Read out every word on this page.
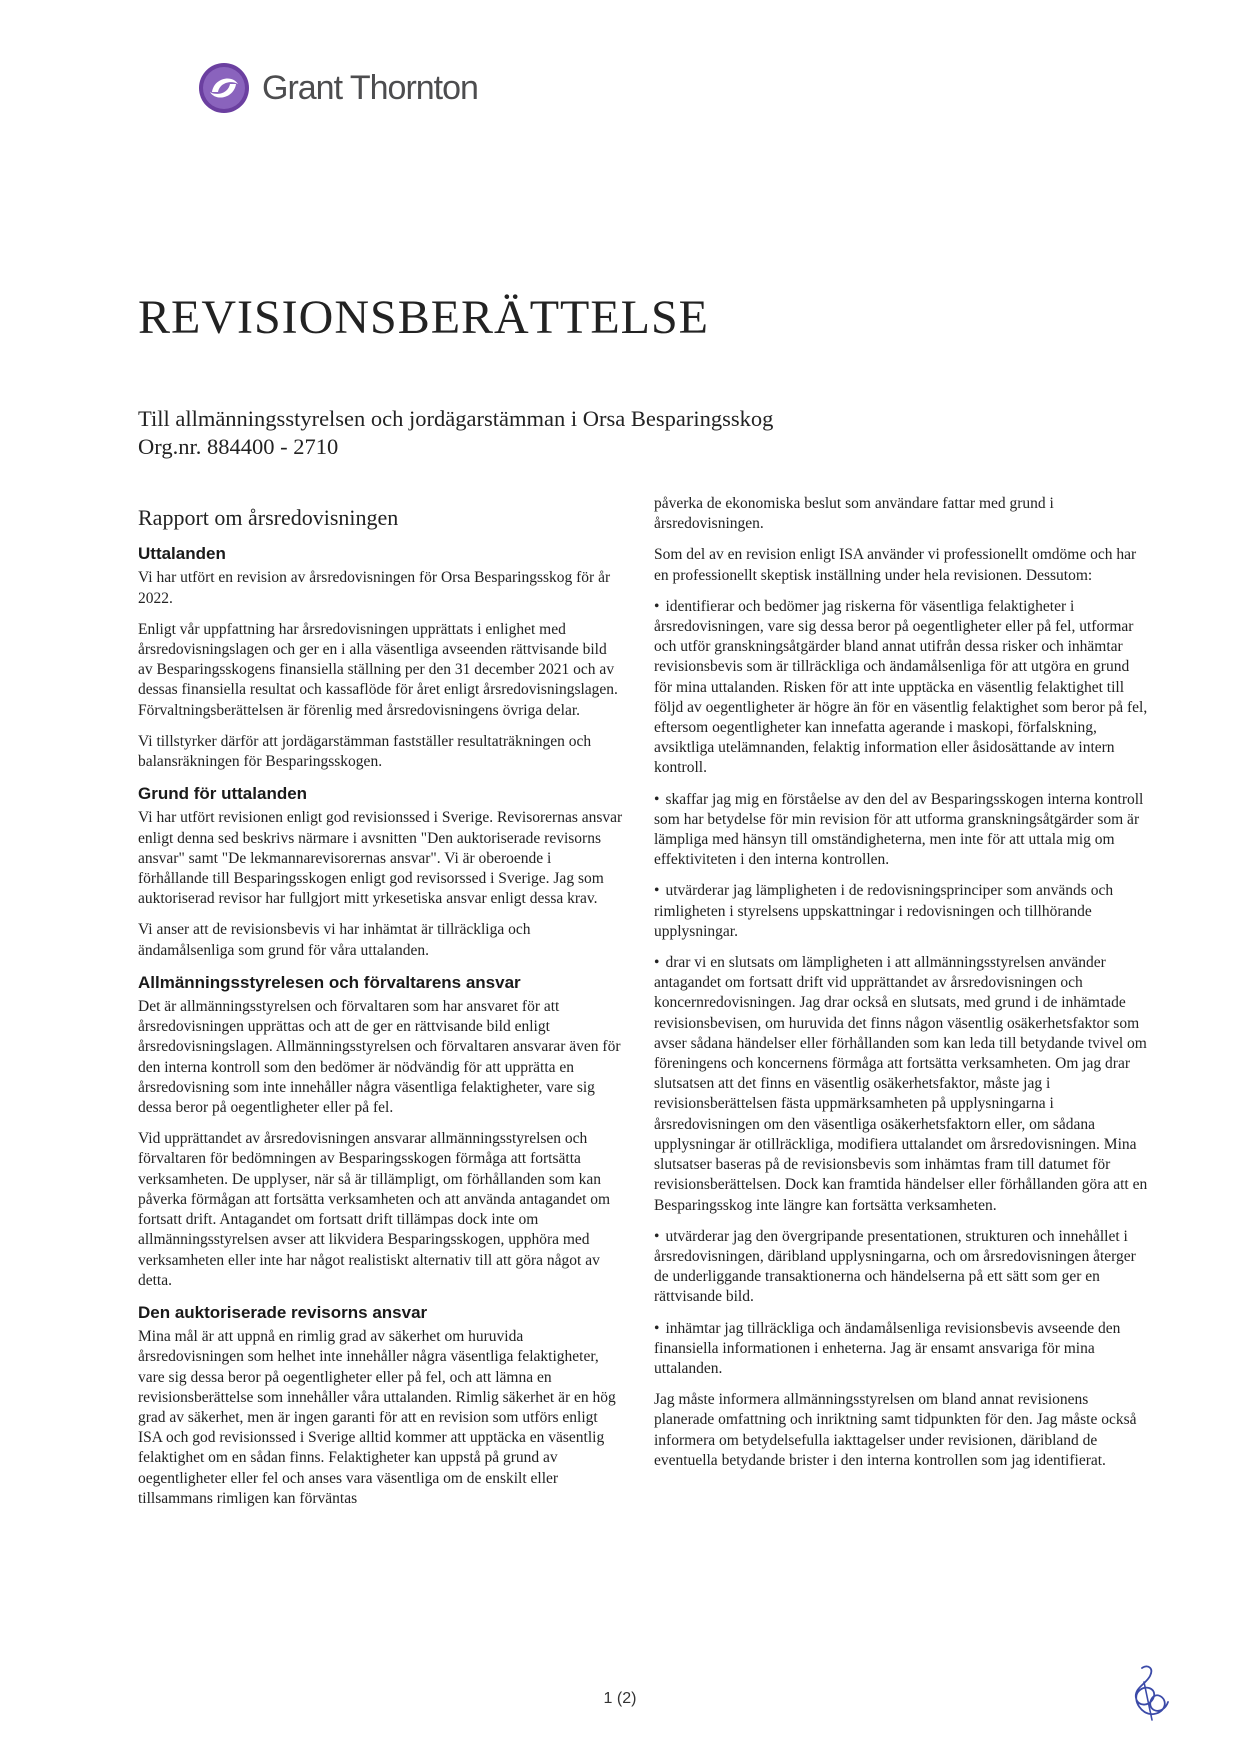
Grant Thornton
REVISIONSBERÄTTELSE

Till allmänningsstyrelsen och jordägarstämman i Orsa Besparingsskog

Org.nr. 884400 - 2710

Rapport om årsredovisningen
Uttalanden

Vi har utfört en revision av årsredovisningen för Orsa Besparingsskog för år 2022.

Enligt vår uppfattning har årsredovisningen upprättats i enlighet med årsredovisningslagen och ger en i alla väsentliga avseenden rättvisande bild av Besparingsskogens finansiella ställning per den 31 december 2021 och av dessas finansiella resultat och kassaflöde för året enligt årsredovisningslagen. Förvaltningsberättelsen är förenlig med årsredovisningens övriga delar.

Vi tillstyrker därför att jordägarstämman fastställer resultaträkningen och balansräkningen för Besparingsskogen.

Grund för uttalanden

Vi har utfört revisionen enligt god revisionssed i Sverige. Revisorernas ansvar enligt denna sed beskrivs närmare i avsnitten "Den auktoriserade revisorns ansvar" samt "De lekmannarevisorernas ansvar". Vi är oberoende i förhållande till Besparingsskogen enligt god revisorssed i Sverige. Jag som auktoriserad revisor har fullgjort mitt yrkesetiska ansvar enligt dessa krav.

Vi anser att de revisionsbevis vi har inhämtat är tillräckliga och ändamålsenliga som grund för våra uttalanden.

Allmänningsstyrelesen och förvaltarens ansvar

Det är allmänningsstyrelsen och förvaltaren som har ansvaret för att årsredovisningen upprättas och att de ger en rättvisande bild enligt årsredovisningslagen. Allmänningsstyrelsen och förvaltaren ansvarar även för den interna kontroll som den bedömer är nödvändig för att upprätta en årsredovisning som inte innehåller några väsentliga felaktigheter, vare sig dessa beror på oegentligheter eller på fel.

Vid upprättandet av årsredovisningen ansvarar allmänningsstyrelsen och förvaltaren för bedömningen av Besparingsskogen förmåga att fortsätta verksamheten. De upplyser, när så är tillämpligt, om förhållanden som kan påverka förmågan att fortsätta verksamheten och att använda antagandet om fortsatt drift. Antagandet om fortsatt drift tillämpas dock inte om allmänningsstyrelsen avser att likvidera Besparingsskogen, upphöra med verksamheten eller inte har något realistiskt alternativ till att göra något av detta.

Den auktoriserade revisorns ansvar

Mina mål är att uppnå en rimlig grad av säkerhet om huruvida årsredovisningen som helhet inte innehåller några väsentliga felaktigheter, vare sig dessa beror på oegentligheter eller på fel, och att lämna en revisionsberättelse som innehåller våra uttalanden. Rimlig säkerhet är en hög grad av säkerhet, men är ingen garanti för att en revision som utförs enligt ISA och god revisionssed i Sverige alltid kommer att upptäcka en väsentlig felaktighet om en sådan finns. Felaktigheter kan uppstå på grund av oegentligheter eller fel och anses vara väsentliga om de enskilt eller tillsammans rimligen kan förväntas

påverka de ekonomiska beslut som användare fattar med grund i årsredovisningen.

Som del av en revision enligt ISA använder vi professionellt omdöme och har en professionellt skeptisk inställning under hela revisionen. Dessutom:

• identifierar och bedömer jag riskerna för väsentliga felaktigheter i årsredovisningen, vare sig dessa beror på oegentligheter eller på fel, utformar och utför granskningsåtgärder bland annat utifrån dessa risker och inhämtar revisionsbevis som är tillräckliga och ändamålsenliga för att utgöra en grund för mina uttalanden. Risken för att inte upptäcka en väsentlig felaktighet till följd av oegentligheter är högre än för en väsentlig felaktighet som beror på fel, eftersom oegentligheter kan innefatta agerande i maskopi, förfalskning, avsiktliga utelämnanden, felaktig information eller åsidosättande av intern kontroll.

• skaffar jag mig en förståelse av den del av Besparingsskogen interna kontroll som har betydelse för min revision för att utforma granskningsåtgärder som är lämpliga med hänsyn till omständigheterna, men inte för att uttala mig om effektiviteten i den interna kontrollen.

• utvärderar jag lämpligheten i de redovisningsprinciper som används och rimligheten i styrelsens uppskattningar i redovisningen och tillhörande upplysningar.

• drar vi en slutsats om lämpligheten i att allmänningsstyrelsen använder antagandet om fortsatt drift vid upprättandet av årsredovisningen och koncernredovisningen. Jag drar också en slutsats, med grund i de inhämtade revisionsbevisen, om huruvida det finns någon väsentlig osäkerhetsfaktor som avser sådana händelser eller förhållanden som kan leda till betydande tvivel om föreningens och koncernens förmåga att fortsätta verksamheten. Om jag drar slutsatsen att det finns en väsentlig osäkerhetsfaktor, måste jag i revisionsberättelsen fästa uppmärksamheten på upplysningarna i årsredovisningen om den väsentliga osäkerhetsfaktorn eller, om sådana upplysningar är otillräckliga, modifiera uttalandet om årsredovisningen. Mina slutsatser baseras på de revisionsbevis som inhämtas fram till datumet för revisionsberättelsen. Dock kan framtida händelser eller förhållanden göra att en Besparingsskog inte längre kan fortsätta verksamheten.

• utvärderar jag den övergripande presentationen, strukturen och innehållet i årsredovisningen, däribland upplysningarna, och om årsredovisningen återger de underliggande transaktionerna och händelserna på ett sätt som ger en rättvisande bild.

• inhämtar jag tillräckliga och ändamålsenliga revisionsbevis avseende den finansiella informationen i enheterna. Jag är ensamt ansvariga för mina uttalanden.

Jag måste informera allmänningsstyrelsen om bland annat revisionens planerade omfattning och inriktning samt tidpunkten för den. Jag måste också informera om betydelsefulla iakttagelser under revisionen, däribland de eventuella betydande brister i den interna kontrollen som jag identifierat.

1 (2)
